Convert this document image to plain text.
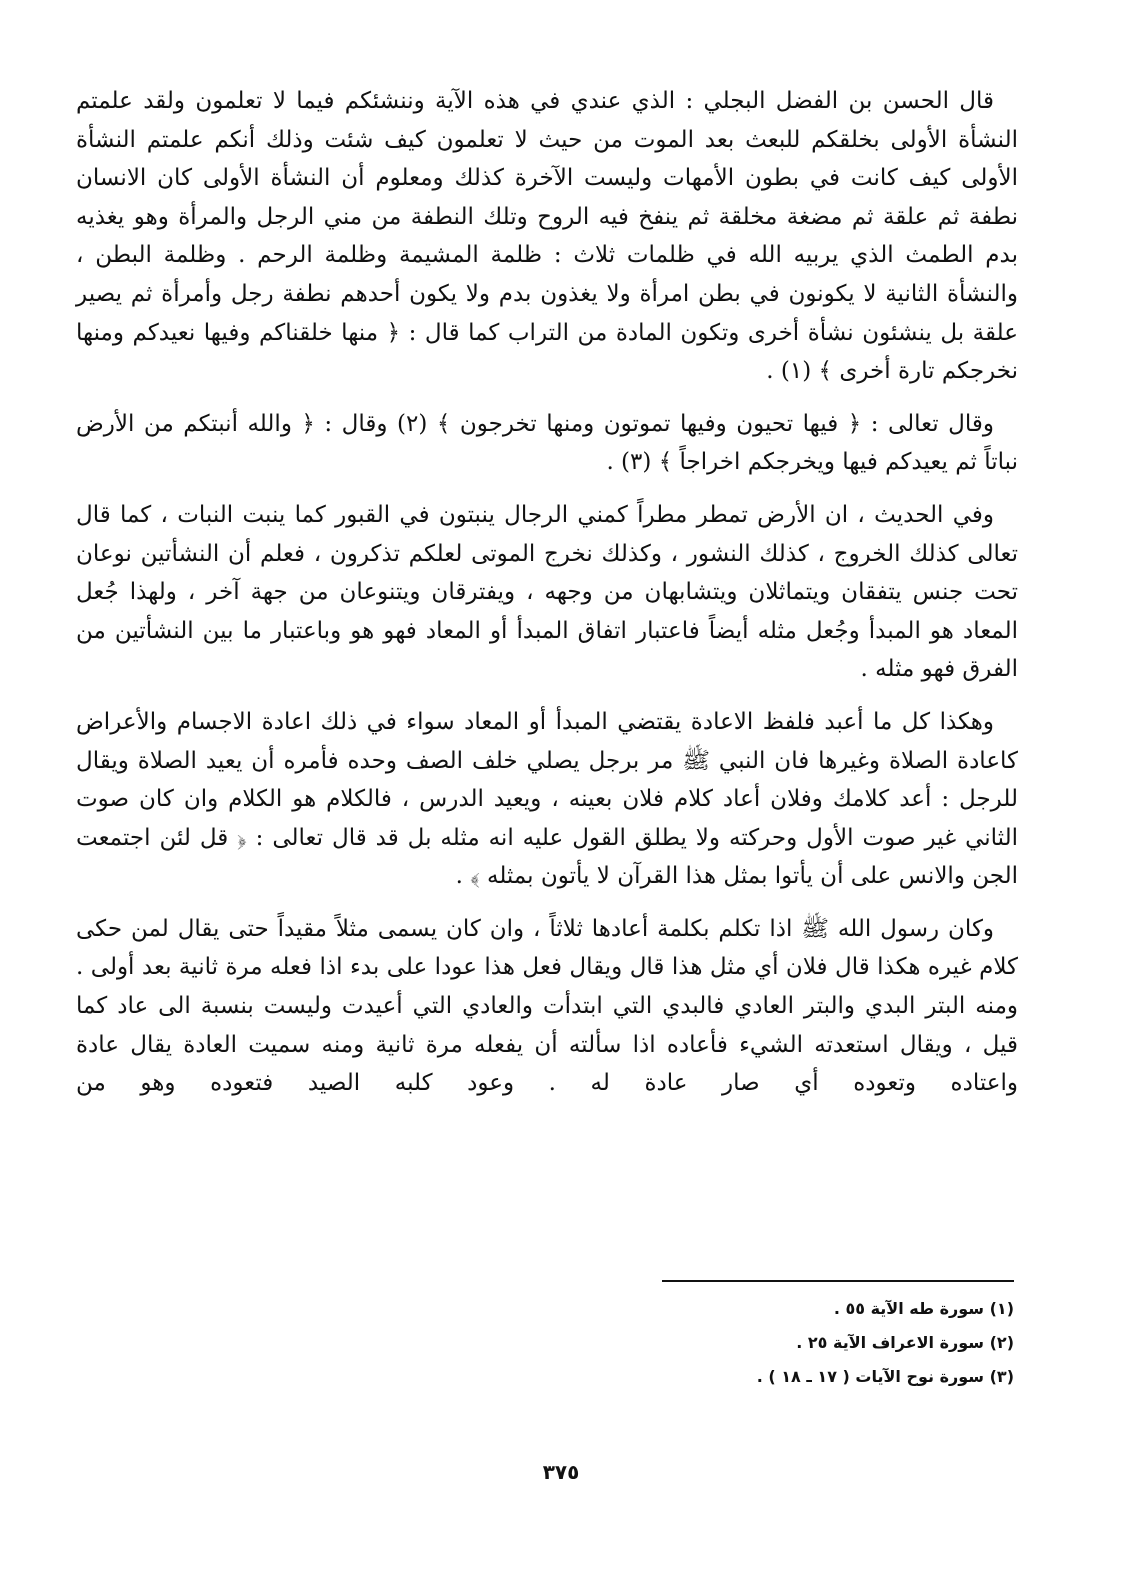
قال الحسن بن الفضل البجلي : الذي عندي في هذه الآية وننشئكم فيما لا تعلمون ولقد علمتم النشأة الأولى بخلقكم للبعث بعد الموت من حيث لا تعلمون كيف شئت وذلك أنكم علمتم النشأة الأولى كيف كانت في بطون الأمهات وليست الآخرة كذلك ومعلوم أن النشأة الأولى كان الانسان نطفة ثم علقة ثم مضغة مخلقة ثم ينفخ فيه الروح وتلك النطفة من مني الرجل والمرأة وهو يغذيه بدم الطمث الذي يربيه الله في ظلمات ثلاث : ظلمة المشيمة وظلمة الرحم . وظلمة البطن ، والنشأة الثانية لا يكونون في بطن امرأة ولا يغذون بدم ولا يكون أحدهم نطفة رجل وأمرأة ثم يصير علقة بل ينشئون نشأة أخرى وتكون المادة من التراب كما قال : ﴿ منها خلقناكم وفيها نعيدكم ومنها نخرجكم تارة أخرى ﴾ (١) .

وقال تعالى : ﴿ فيها تحيون وفيها تموتون ومنها تخرجون ﴾ (٢) وقال : ﴿ والله أنبتكم من الأرض نباتاً ثم يعيدكم فيها ويخرجكم اخراجاً ﴾ (٣) .

وفي الحديث ، ان الأرض تمطر مطراً كمني الرجال ينبتون في القبور كما ينبت النبات ، كما قال تعالى كذلك الخروج ، كذلك النشور ، وكذلك نخرج الموتى لعلكم تذكرون ، فعلم أن النشأتين نوعان تحت جنس يتفقان ويتماثلان ويتشابهان من وجهه ، ويفترقان ويتنوعان من جهة آخر ، ولهذا جُعل المعاد هو المبدأ وجُعل مثله أيضاً فاعتبار اتفاق المبدأ أو المعاد فهو هو وباعتبار ما بين النشأتين من الفرق فهو مثله .

وهكذا كل ما أعبد فلفظ الاعادة يقتضي المبدأ أو المعاد سواء في ذلك اعادة الاجسام والأعراض كاعادة الصلاة وغيرها فان النبي ﷺ مر برجل يصلي خلف الصف وحده فأمره أن يعيد الصلاة ويقال للرجل : أعد كلامك وفلان أعاد كلام فلان بعينه ، ويعيد الدرس ، فالكلام هو الكلام وان كان صوت الثاني غير صوت الأول وحركته ولا يطلق القول عليه انه مثله بل قد قال تعالى : ﴿ قل لئن اجتمعت الجن والانس على أن يأتوا بمثل هذا القرآن لا يأتون بمثله ﴾ .

وكان رسول الله ﷺ اذا تكلم بكلمة أعادها ثلاثاً ، وان كان يسمى مثلاً مقيداً حتى يقال لمن حكى كلام غيره هكذا قال فلان أي مثل هذا قال ويقال فعل هذا عودا على بدء اذا فعله مرة ثانية بعد أولى . ومنه البتر البدي والبتر العادي فالبدي التي ابتدأت والعادي التي أعيدت وليست بنسبة الى عاد كما قيل ، ويقال استعدته الشيء فأعاده اذا سألته أن يفعله مرة ثانية ومنه سميت العادة يقال عادة واعتاده وتعوده أي صار عادة له . وعود كلبه الصيد فتعوده وهو من

(١) سورة طه الآية ٥٥ .

(٢) سورة الاعراف الآية ٢٥ .

(٣) سورة نوح الآيات ( ١٧ ـ ١٨ ) .

٣٧٥
